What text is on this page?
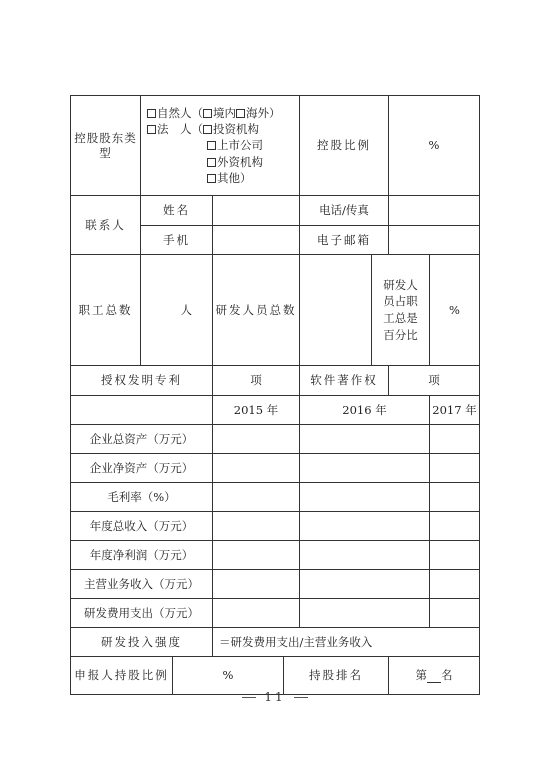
控股股东类型	自然人（ 境内 海外）
法　人（ 投资机构
上市公司
外资机构
其他）				控股比例		%	
联系人	姓名				电话/传真			
	手机				电子邮箱			
职工总数	人		研发人员总数			研发人员占职工总是百分比		%
授权发明专利			项		软件著作权		项	
			2015 年		2016 年			2017 年
企业总资产（万元）								
企业净资产（万元）								
毛利率（%）								
年度总收入（万元）								
年度净利润（万元）								
主营业务收入（万元）								
研发费用支出（万元）								
研发投入强度			＝研发费用支出/主营业务收入					
申报人持股比例		%		持股排名			第 名	
11
